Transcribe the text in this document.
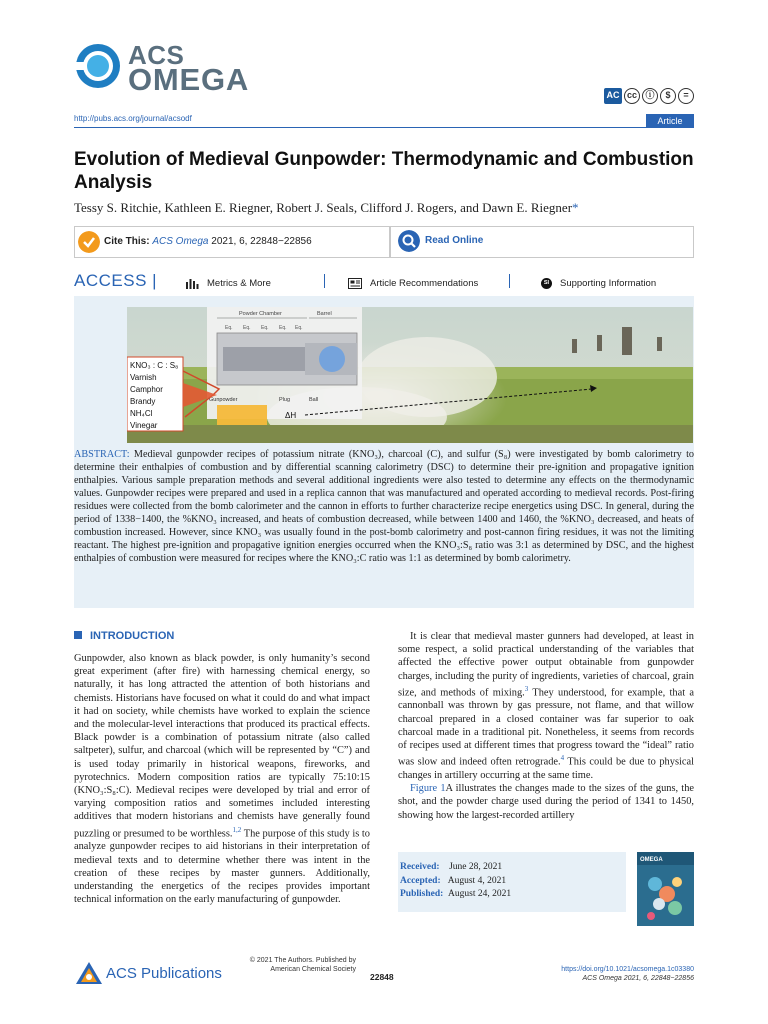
ACS
OMEGA	AC cc ⓘ	$	=
http://pubs.acs.org/journal/acsodf	Article
Evolution of Medieval Gunpowder: Thermodynamic and Combustion Analysis
Tessy S. Ritchie, Kathleen E. Riegner, Robert J. Seals, Clifford J. Rogers, and Dawn E. Riegner*
Cite This: ACS Omega 2021, 6, 22848−22856	Read Online
ACCESS |	Metrics & More	Article Recommendations	SI	Supporting Information
Powder Chamber	Barrel
Eq. Eq. Eq. Eq. Eq.
Gunpowder	Plug	Ball
KNO₃ : C : S₈
Varnish
Camphor
Brandy
NH₄Cl
Vinegar
ΔH
ABSTRACT: Medieval gunpowder recipes of potassium nitrate (KNO₃), charcoal (C), and sulfur (S₈) were investigated by bomb calorimetry to determine their enthalpies of combustion and by differential scanning calorimetry (DSC) to determine their pre-ignition and propagative ignition enthalpies. Various sample preparation methods and several additional ingredients were also tested to determine any effects on the thermodynamic values. Gunpowder recipes were prepared and used in a replica cannon that was manufactured and operated according to medieval records. Post-firing residues were collected from the bomb calorimeter and the cannon in efforts to further characterize recipe energetics using DSC. In general, during the period of 1338−1400, the %KNO₃ increased, and heats of combustion decreased, while between 1400 and 1460, the %KNO₃ decreased, and heats of combustion increased. However, since KNO₃ was usually found in the post-bomb calorimetry and post-cannon firing residues, it was not the limiting reactant. The highest pre-ignition and propagative ignition energies occurred when the KNO₃:S₈ ratio was 3:1 as determined by DSC, and the highest enthalpies of combustion were measured for recipes where the KNO₃:C ratio was 1:1 as determined by bomb calorimetry.
INTRODUCTION
Gunpowder, also known as black powder, is only humanity’s second great experiment (after fire) with harnessing chemical energy, so naturally, it has long attracted the attention of both historians and chemists. Historians have focused on what it could do and what impact it had on society, while chemists have worked to explain the science and the molecular-level interactions that produced its practical effects. Black powder is a combination of potassium nitrate (also called saltpeter), sulfur, and charcoal (which will be represented by “C”) and is used today primarily in historical weapons, fireworks, and pyrotechnics. Modern composition ratios are typically 75:10:15 (KNO₃:S₈:C). Medieval recipes were developed by trial and error of varying composition ratios and sometimes included interesting additives that modern historians and chemists have generally found puzzling or presumed to be worthless.$^{1,2}$ The purpose of this study is to analyze gunpowder recipes to aid historians in their interpretation of medieval texts and to determine whether there was intent in the creation of these recipes by master gunners. Additionally, understanding the energetics of the recipes provides important technical information on the early manufacturing of gunpowder.
It is clear that medieval master gunners had developed, at least in some respect, a solid practical understanding of the variables that affected the effective power output obtainable from gunpowder charges, including the purity of ingredients, varieties of charcoal, grain size, and methods of mixing.$^3$ They understood, for example, that a cannonball was thrown by gas pressure, not flame, and that willow charcoal prepared in a closed container was far superior to oak charcoal made in a traditional pit. Nonetheless, it seems from records of recipes used at different times that progress toward the “ideal” ratio was slow and indeed often retrograde.$^4$ This could be due to physical changes in artillery occurring at the same time.
Figure 1A illustrates the changes made to the sizes of the guns, the shot, and the powder charge used during the period of 1341 to 1450, showing how the largest-recorded artillery
Received: June 28, 2021
Accepted: August 4, 2021
Published: August 24, 2021
OMEGA
ACS Publications
© 2021 The Authors. Published by
American Chemical Society
22848
https://doi.org/10.1021/acsomega.1c03380
ACS Omega 2021, 6, 22848−22856
